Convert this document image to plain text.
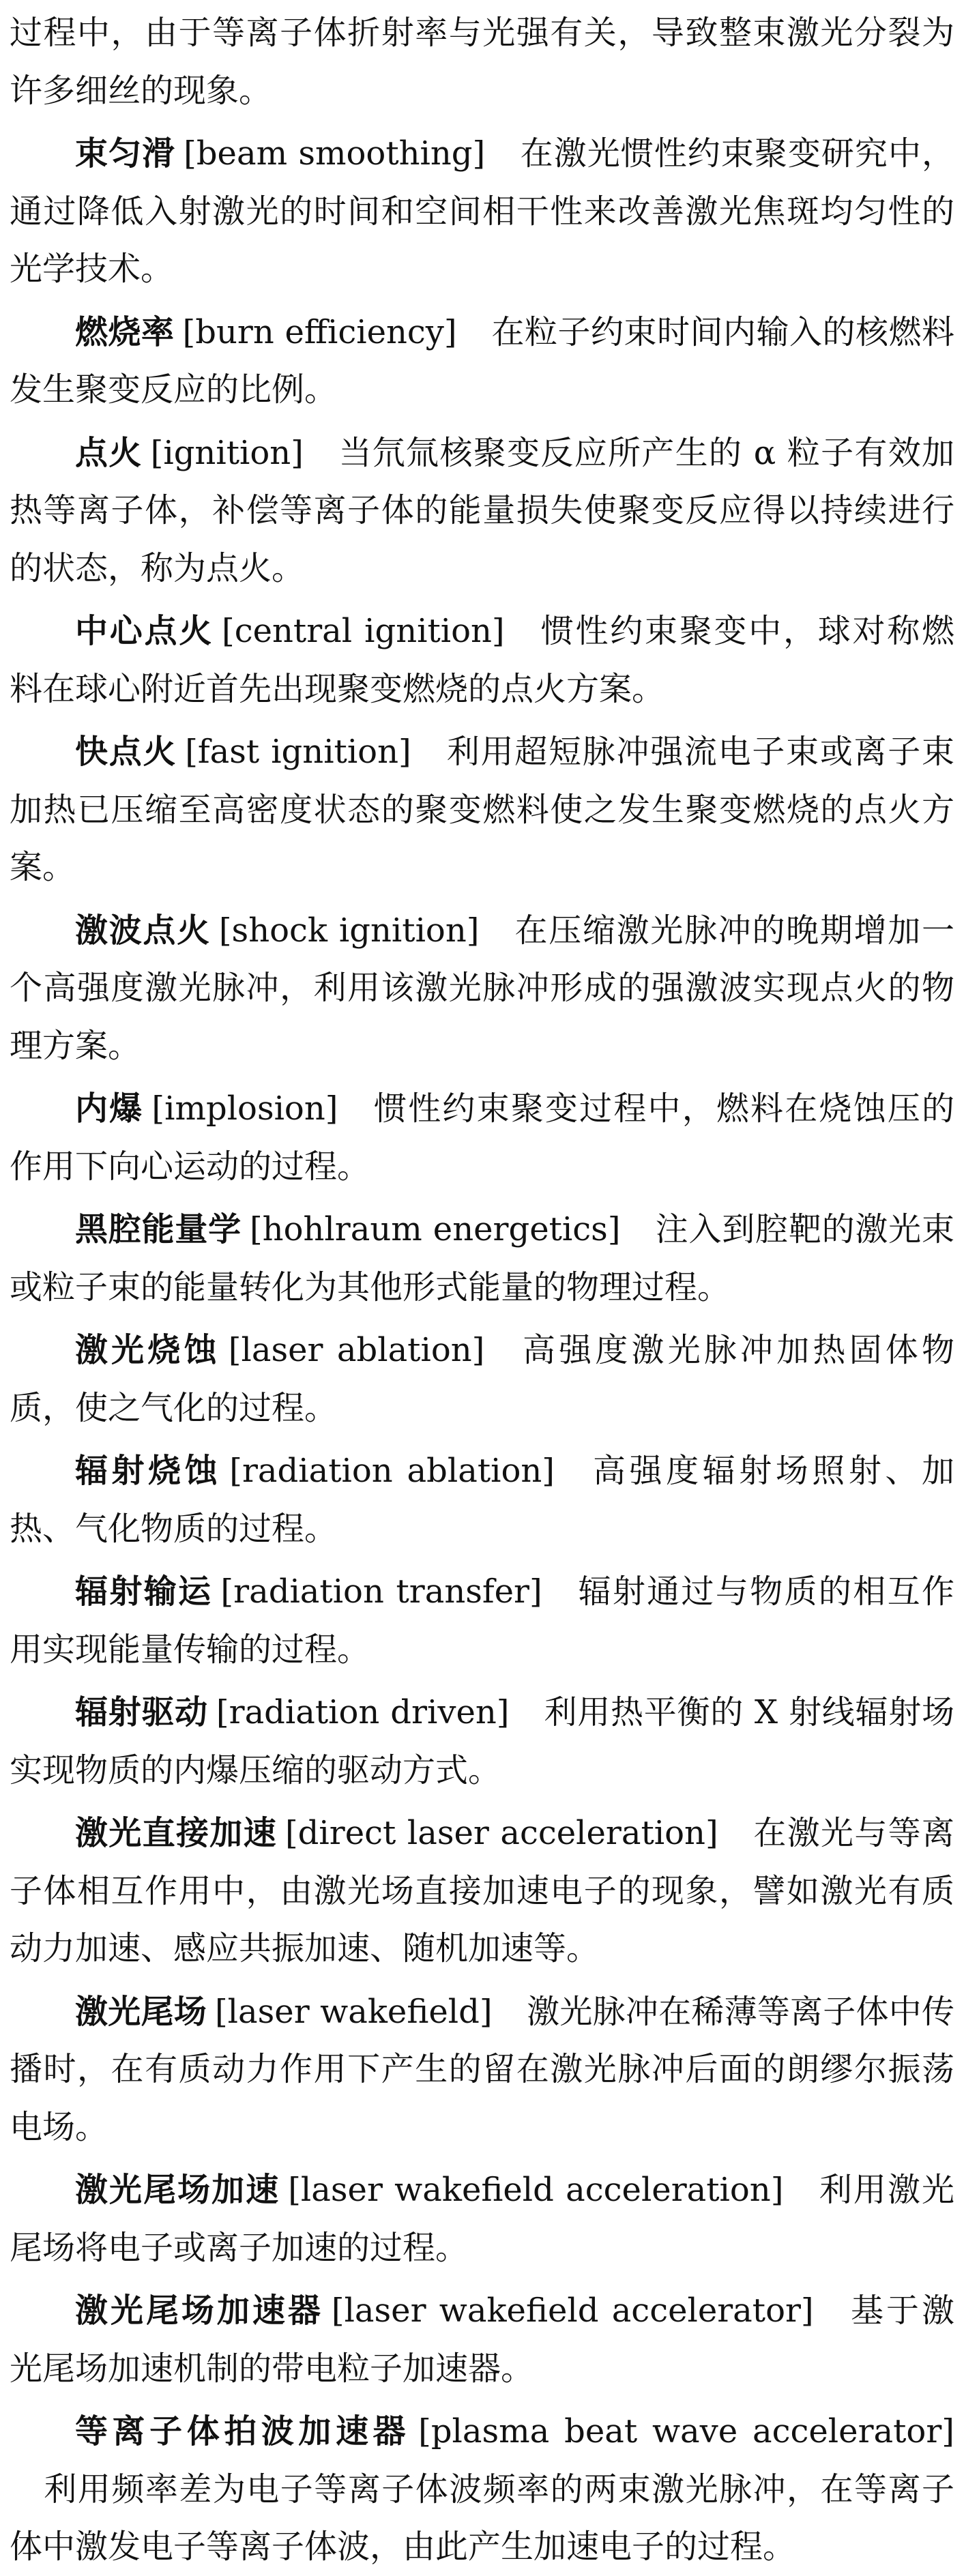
过程中，由于等离子体折射率与光强有关，导致整束激光分裂为许多细丝的现象。

束匀滑 [beam smoothing] 在激光惯性约束聚变研究中，通过降低入射激光的时间和空间相干性来改善激光焦斑均匀性的光学技术。

燃烧率 [burn efficiency] 在粒子约束时间内输入的核燃料发生聚变反应的比例。

点火 [ignition] 当氘氚核聚变反应所产生的 α 粒子有效加热等离子体，补偿等离子体的能量损失使聚变反应得以持续进行的状态，称为点火。

中心点火 [central ignition] 惯性约束聚变中，球对称燃料在球心附近首先出现聚变燃烧的点火方案。

快点火 [fast ignition] 利用超短脉冲强流电子束或离子束加热已压缩至高密度状态的聚变燃料使之发生聚变燃烧的点火方案。

激波点火 [shock ignition] 在压缩激光脉冲的晚期增加一个高强度激光脉冲，利用该激光脉冲形成的强激波实现点火的物理方案。

内爆 [implosion] 惯性约束聚变过程中，燃料在烧蚀压的作用下向心运动的过程。

黑腔能量学 [hohlraum energetics] 注入到腔靶的激光束或粒子束的能量转化为其他形式能量的物理过程。

激光烧蚀 [laser ablation] 高强度激光脉冲加热固体物质，使之气化的过程。

辐射烧蚀 [radiation ablation] 高强度辐射场照射、加热、气化物质的过程。

辐射输运 [radiation transfer] 辐射通过与物质的相互作用实现能量传输的过程。

辐射驱动 [radiation driven] 利用热平衡的 X 射线辐射场实现物质的内爆压缩的驱动方式。

激光直接加速 [direct laser acceleration] 在激光与等离子体相互作用中，由激光场直接加速电子的现象，譬如激光有质动力加速、感应共振加速、随机加速等。

激光尾场 [laser wakefield] 激光脉冲在稀薄等离子体中传播时，在有质动力作用下产生的留在激光脉冲后面的朗缪尔振荡电场。

激光尾场加速 [laser wakefield acceleration] 利用激光尾场将电子或离子加速的过程。

激光尾场加速器 [laser wakefield accelerator] 基于激光尾场加速机制的带电粒子加速器。

等离子体拍波加速器 [plasma beat wave accelerator]利用频率差为电子等离子体波频率的两束激光脉冲，在等离子体中激发电子等离子体波，由此产生加速电子的过程。
